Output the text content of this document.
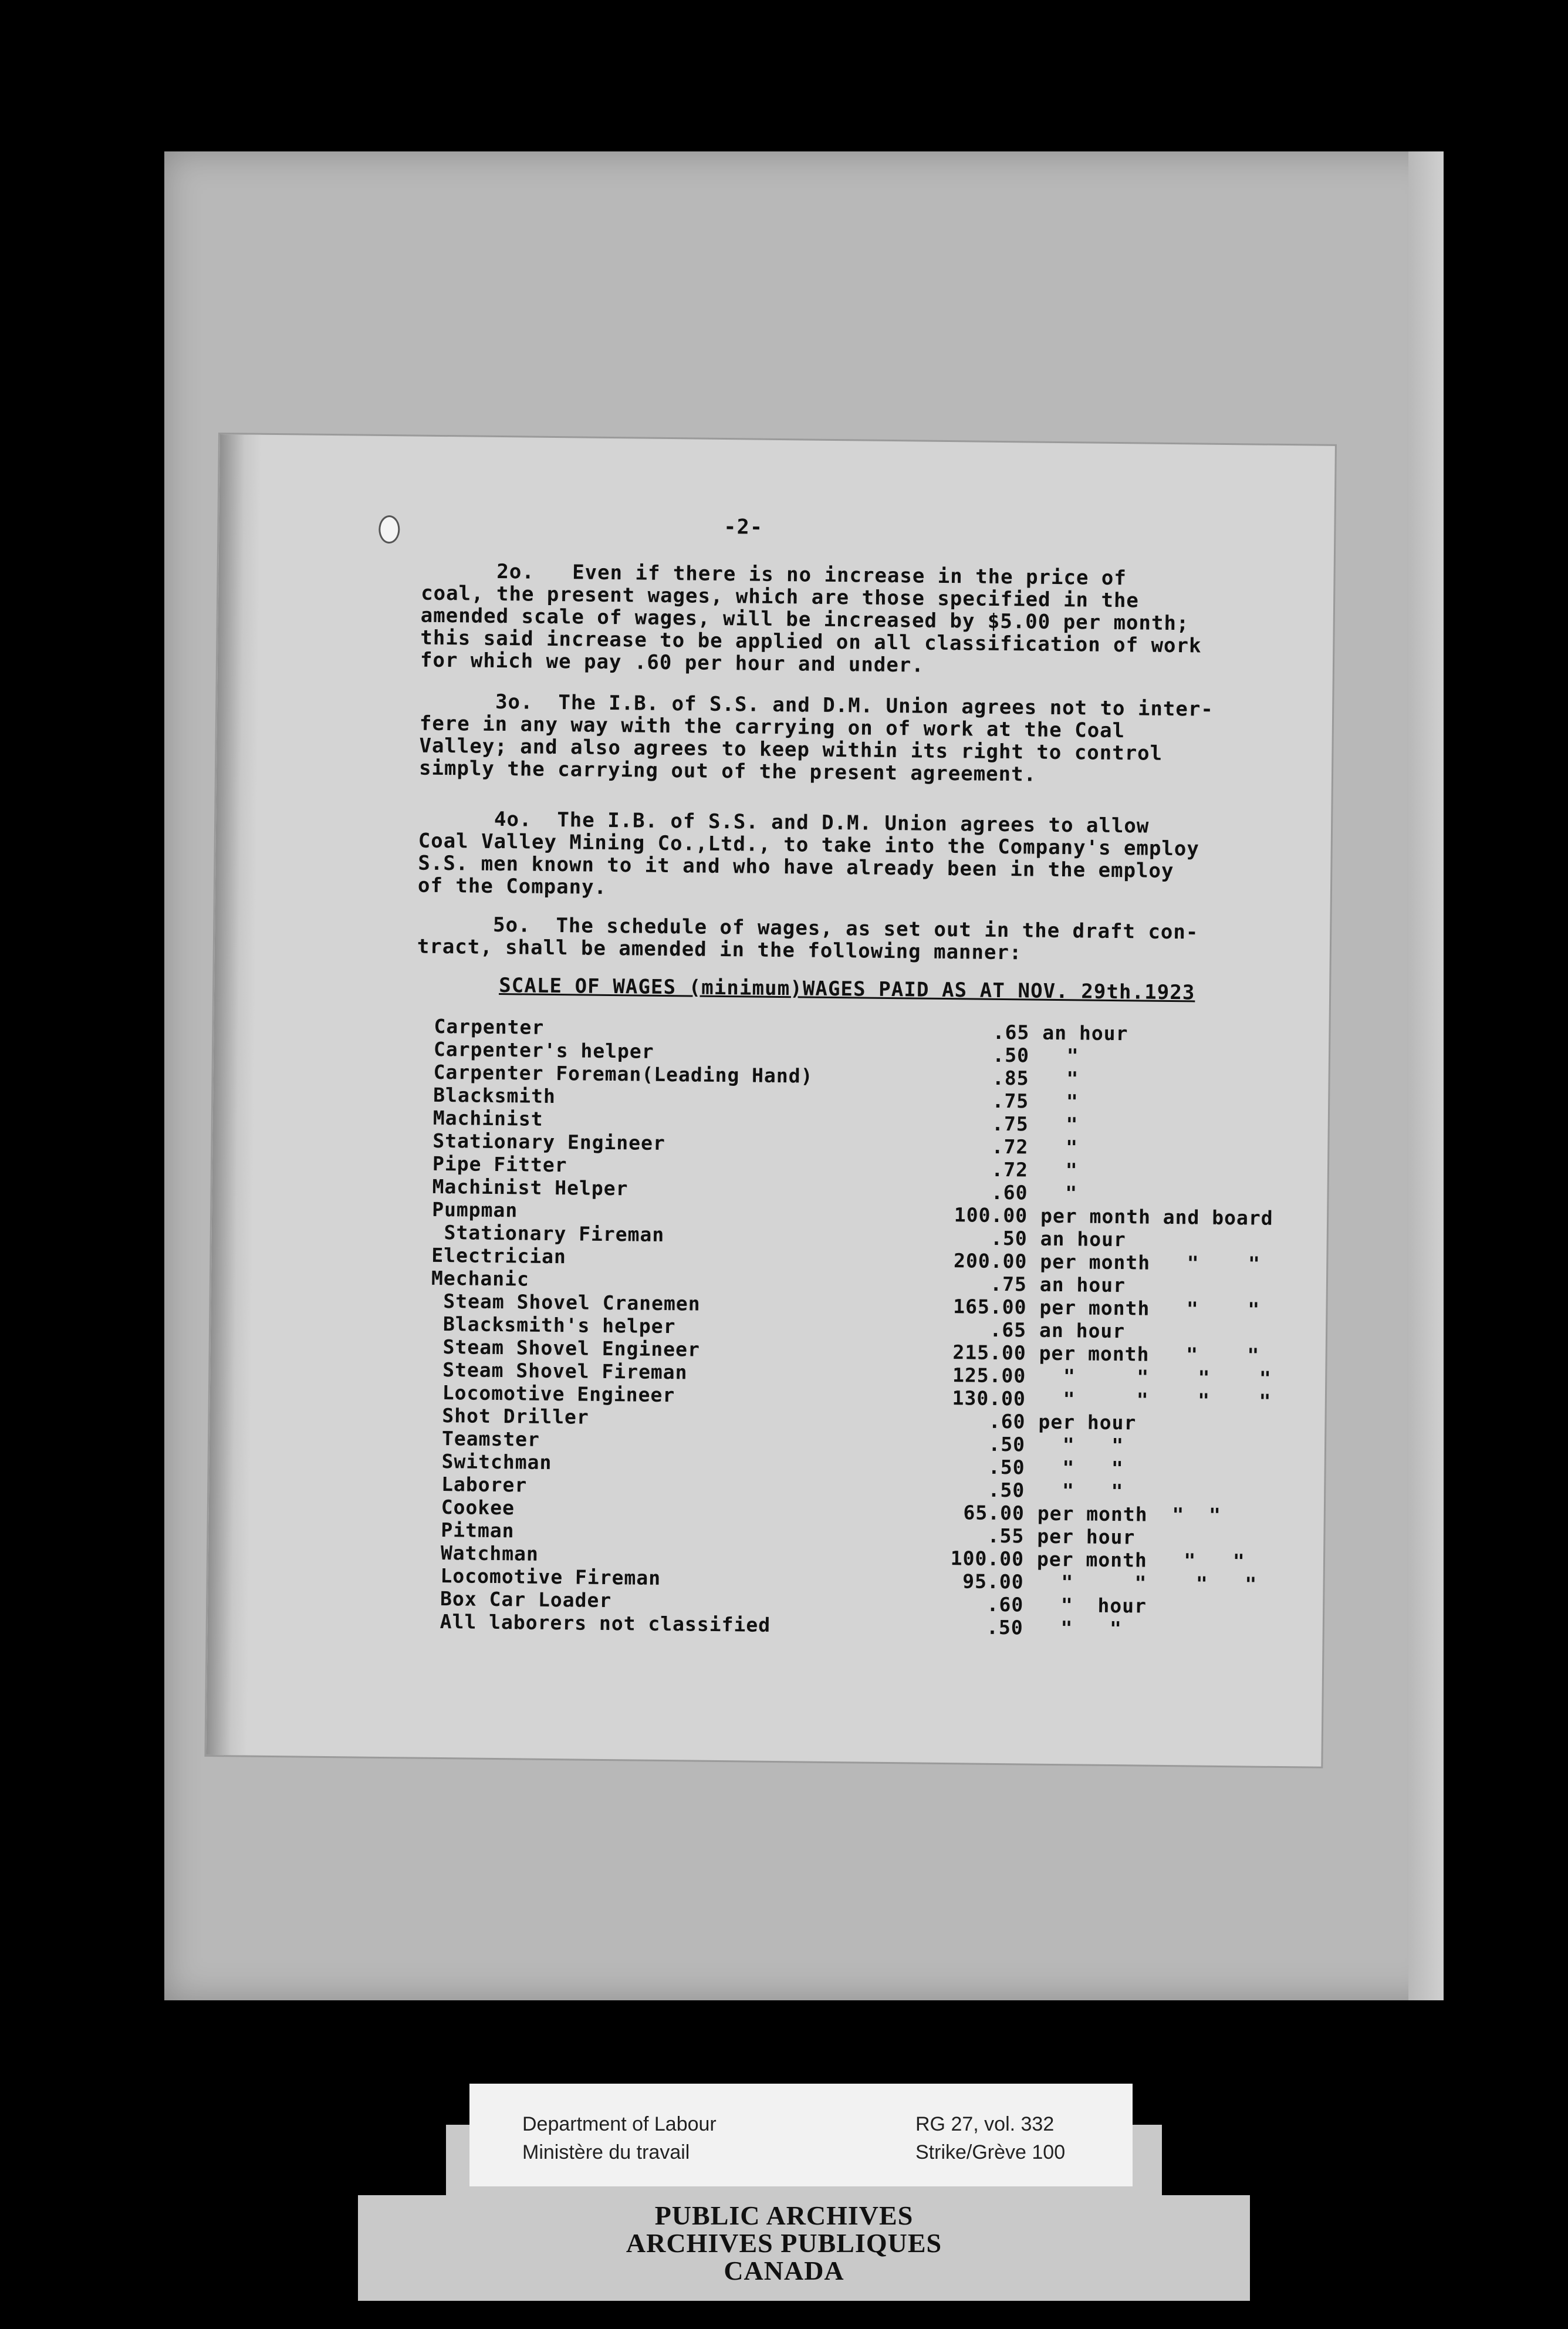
-2-
2o.   Even if there is no increase in the price of
coal, the present wages, which are those specified in the
amended scale of wages, will be increased by $5.00 per month;
this said increase to be applied on all classification of work
for which we pay .60 per hour and under.
3o.  The I.B. of S.S. and D.M. Union agrees not to inter-
fere in any way with the carrying on of work at the Coal
Valley; and also agrees to keep within its right to control
simply the carrying out of the present agreement.
4o.  The I.B. of S.S. and D.M. Union agrees to allow
Coal Valley Mining Co.,Ltd., to take into the Company's employ
S.S. men known to it and who have already been in the employ
of the Company.
5o.  The schedule of wages, as set out in the draft con-
tract, shall be amended in the following manner:
SCALE OF WAGES (minimum)WAGES PAID AS AT NOV. 29th.1923
Carpenter	.65	an hour
Carpenter's helper	.50	"
Carpenter Foreman(Leading Hand)	.85	"
Blacksmith	.75	"
Machinist	.75	"
Stationary Engineer	.72	"
Pipe Fitter	.72	"
Machinist Helper	.60	"
Pumpman	100.00	per month and board
Stationary Fireman	.50	an hour
Electrician	200.00	per month   "    "
Mechanic	.75	an hour
Steam Shovel Cranemen	165.00	per month   "    "
Blacksmith's helper	.65	an hour
Steam Shovel Engineer	215.00	per month   "    "
Steam Shovel Fireman	125.00	"     "    "    "
Locomotive Engineer	130.00	"     "    "    "
Shot Driller	.60	per hour
Teamster	.50	"   "
Switchman	.50	"   "
Laborer	.50	"   "
Cookee	65.00	per month  "  "
Pitman	.55	per hour
Watchman	100.00	per month   "   "
Locomotive Fireman	95.00	"     "    "   "
Box Car Loader	.60	"  hour
All laborers not classified	.50	"   "
Department of Labour
Ministère du travail
RG 27, vol. 332
Strike/Grève 100
PUBLIC ARCHIVES
ARCHIVES PUBLIQUES
CANADA
